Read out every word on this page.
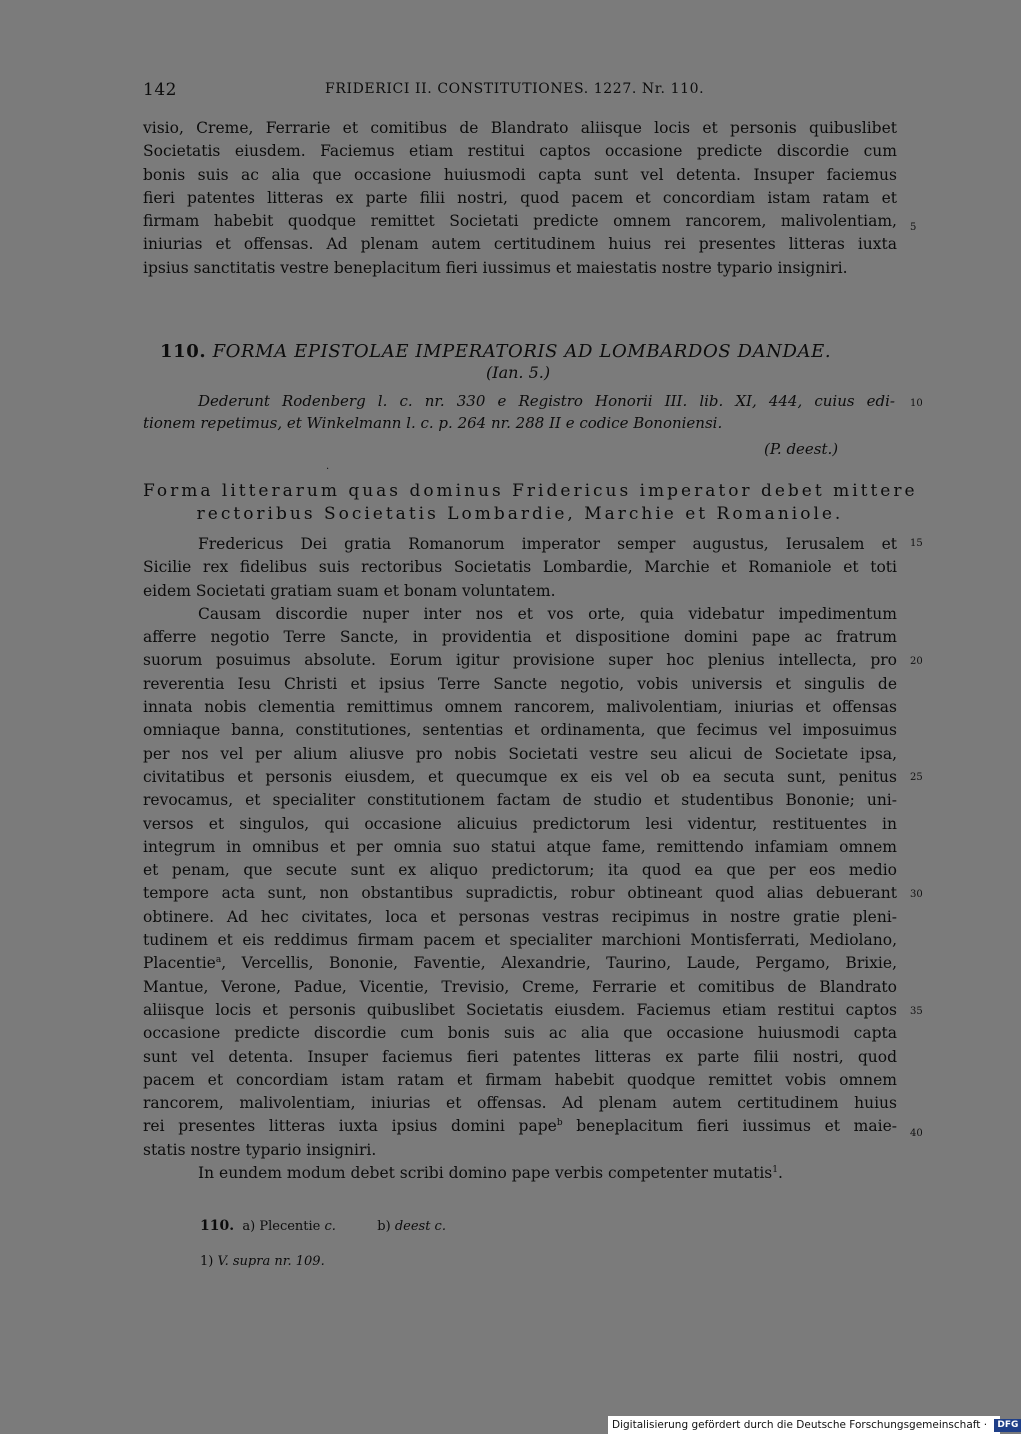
142	FRIDERICI II. CONSTITUTIONES. 1227. Nr. 110.
visio, Creme, Ferrarie et comitibus de Blandrato aliisque locis et personis quibuslibet
Societatis eiusdem. Faciemus etiam restitui captos occasione predicte discordie cum
bonis suis ac alia que occasione huiusmodi capta sunt vel detenta. Insuper faciemus
fieri patentes litteras ex parte filii nostri, quod pacem et concordiam istam ratam et
firmam habebit quodque remittet Societati predicte omnem rancorem, malivolentiam,
iniurias et offensas. Ad plenam autem certitudinem huius rei presentes litteras iuxta
ipsius sanctitatis vestre beneplacitum fieri iussimus et maiestatis nostre typario insigniri.
5
110. FORMA EPISTOLAE IMPERATORIS AD LOMBARDOS DANDAE.
(Ian. 5.)
Dederunt Rodenberg l. c. nr. 330 e Registro Honorii III. lib. XI, 444, cuius edi-
tionem repetimus, et Winkelmann l. c. p. 264 nr. 288 II e codice Bononiensi.
10
(P. deest.)
.
Forma litterarum quas dominus Fridericus imperator debet mittere
rectoribus Societatis Lombardie, Marchie et Romaniole.
Fredericus Dei gratia Romanorum imperator semper augustus, Ierusalem et
Sicilie rex fidelibus suis rectoribus Societatis Lombardie, Marchie et Romaniole et toti
eidem Societati gratiam suam et bonam voluntatem.
Causam discordie nuper inter nos et vos orte, quia videbatur impedimentum
afferre negotio Terre Sancte, in providentia et dispositione domini pape ac fratrum
suorum posuimus absolute. Eorum igitur provisione super hoc plenius intellecta, pro
reverentia Iesu Christi et ipsius Terre Sancte negotio, vobis universis et singulis de
innata nobis clementia remittimus omnem rancorem, malivolentiam, iniurias et offensas
omniaque banna, constitutiones, sententias et ordinamenta, que fecimus vel imposuimus
per nos vel per alium aliusve pro nobis Societati vestre seu alicui de Societate ipsa,
civitatibus et personis eiusdem, et quecumque ex eis vel ob ea secuta sunt, penitus
revocamus, et specialiter constitutionem factam de studio et studentibus Bononie; uni-
versos et singulos, qui occasione alicuius predictorum lesi videntur, restituentes in
integrum in omnibus et per omnia suo statui atque fame, remittendo infamiam omnem
et penam, que secute sunt ex aliquo predictorum; ita quod ea que per eos medio
tempore acta sunt, non obstantibus supradictis, robur obtineant quod alias debuerant
obtinere. Ad hec civitates, loca et personas vestras recipimus in nostre gratie pleni-
tudinem et eis reddimus firmam pacem et specialiter marchioni Montisferrati, Mediolano,
Placentie$^a$, Vercellis, Bononie, Faventie, Alexandrie, Taurino, Laude, Pergamo, Brixie,
Mantue, Verone, Padue, Vicentie, Trevisio, Creme, Ferrarie et comitibus de Blandrato
aliisque locis et personis quibuslibet Societatis eiusdem. Faciemus etiam restitui captos
occasione predicte discordie cum bonis suis ac alia que occasione huiusmodi capta
sunt vel detenta. Insuper faciemus fieri patentes litteras ex parte filii nostri, quod
pacem et concordiam istam ratam et firmam habebit quodque remittet vobis omnem
rancorem, malivolentiam, iniurias et offensas. Ad plenam autem certitudinem huius
rei presentes litteras iuxta ipsius domini pape$^b$ beneplacitum fieri iussimus et maie-
statis nostre typario insigniri.
In eundem modum debet scribi domino pape verbis competenter mutatis$^1$.
15
20
25
30
35
40
110. a) Plecentie c.	b) deest c.
1) V. supra nr. 109.
Digitalisierung gefördert durch die Deutsche Forschungsgemeinschaft · DFG
